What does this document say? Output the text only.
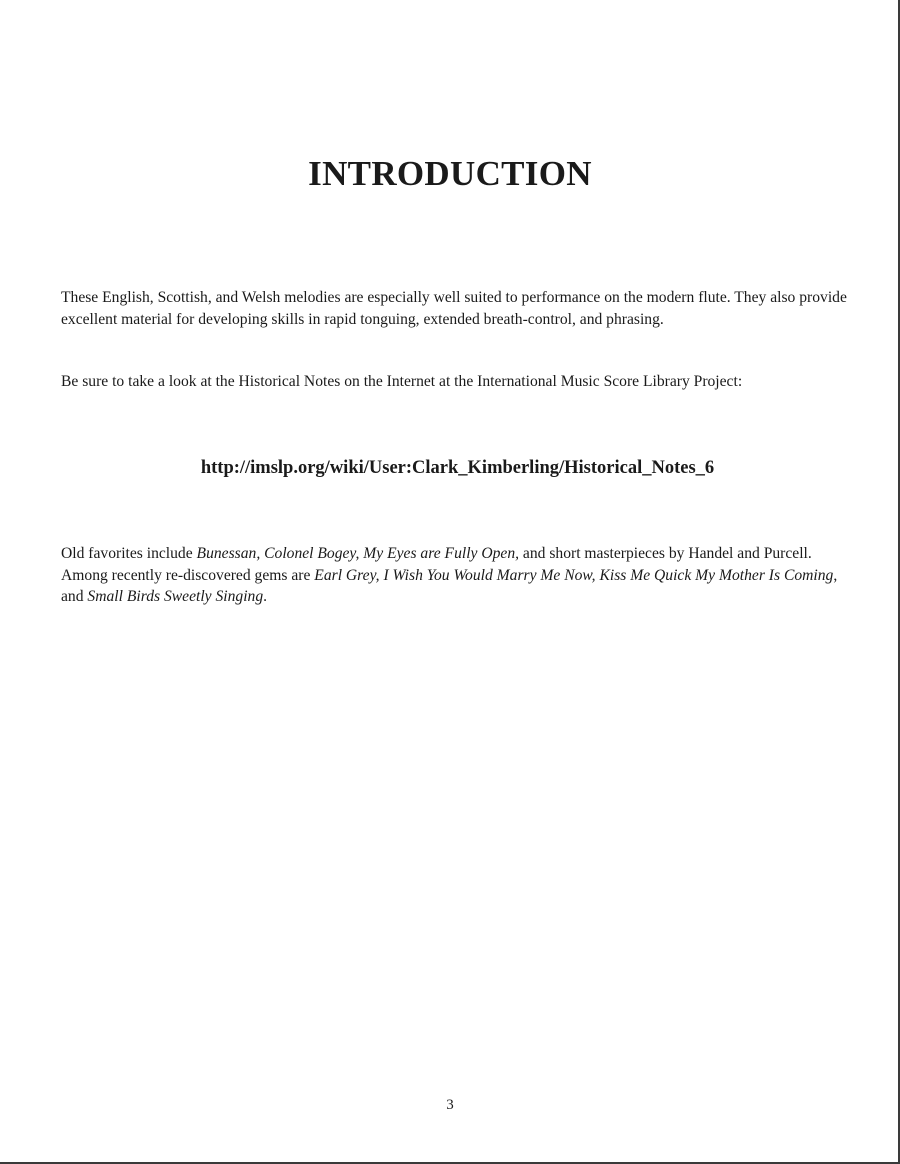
INTRODUCTION

These English, Scottish, and Welsh melodies are especially well suited to performance on the modern flute. They also provide excellent material for developing skills in rapid tonguing, extended breath-control, and phrasing.

Be sure to take a look at the Historical Notes on the Internet at the International Music Score Library Project:

http://imslp.org/wiki/User:Clark_Kimberling/Historical_Notes_6

Old favorites include Bunessan, Colonel Bogey, My Eyes are Fully Open, and short masterpieces by Handel and Purcell. Among recently re-discovered gems are Earl Grey, I Wish You Would Marry Me Now, Kiss Me Quick My Mother Is Coming, and Small Birds Sweetly Singing.

3
